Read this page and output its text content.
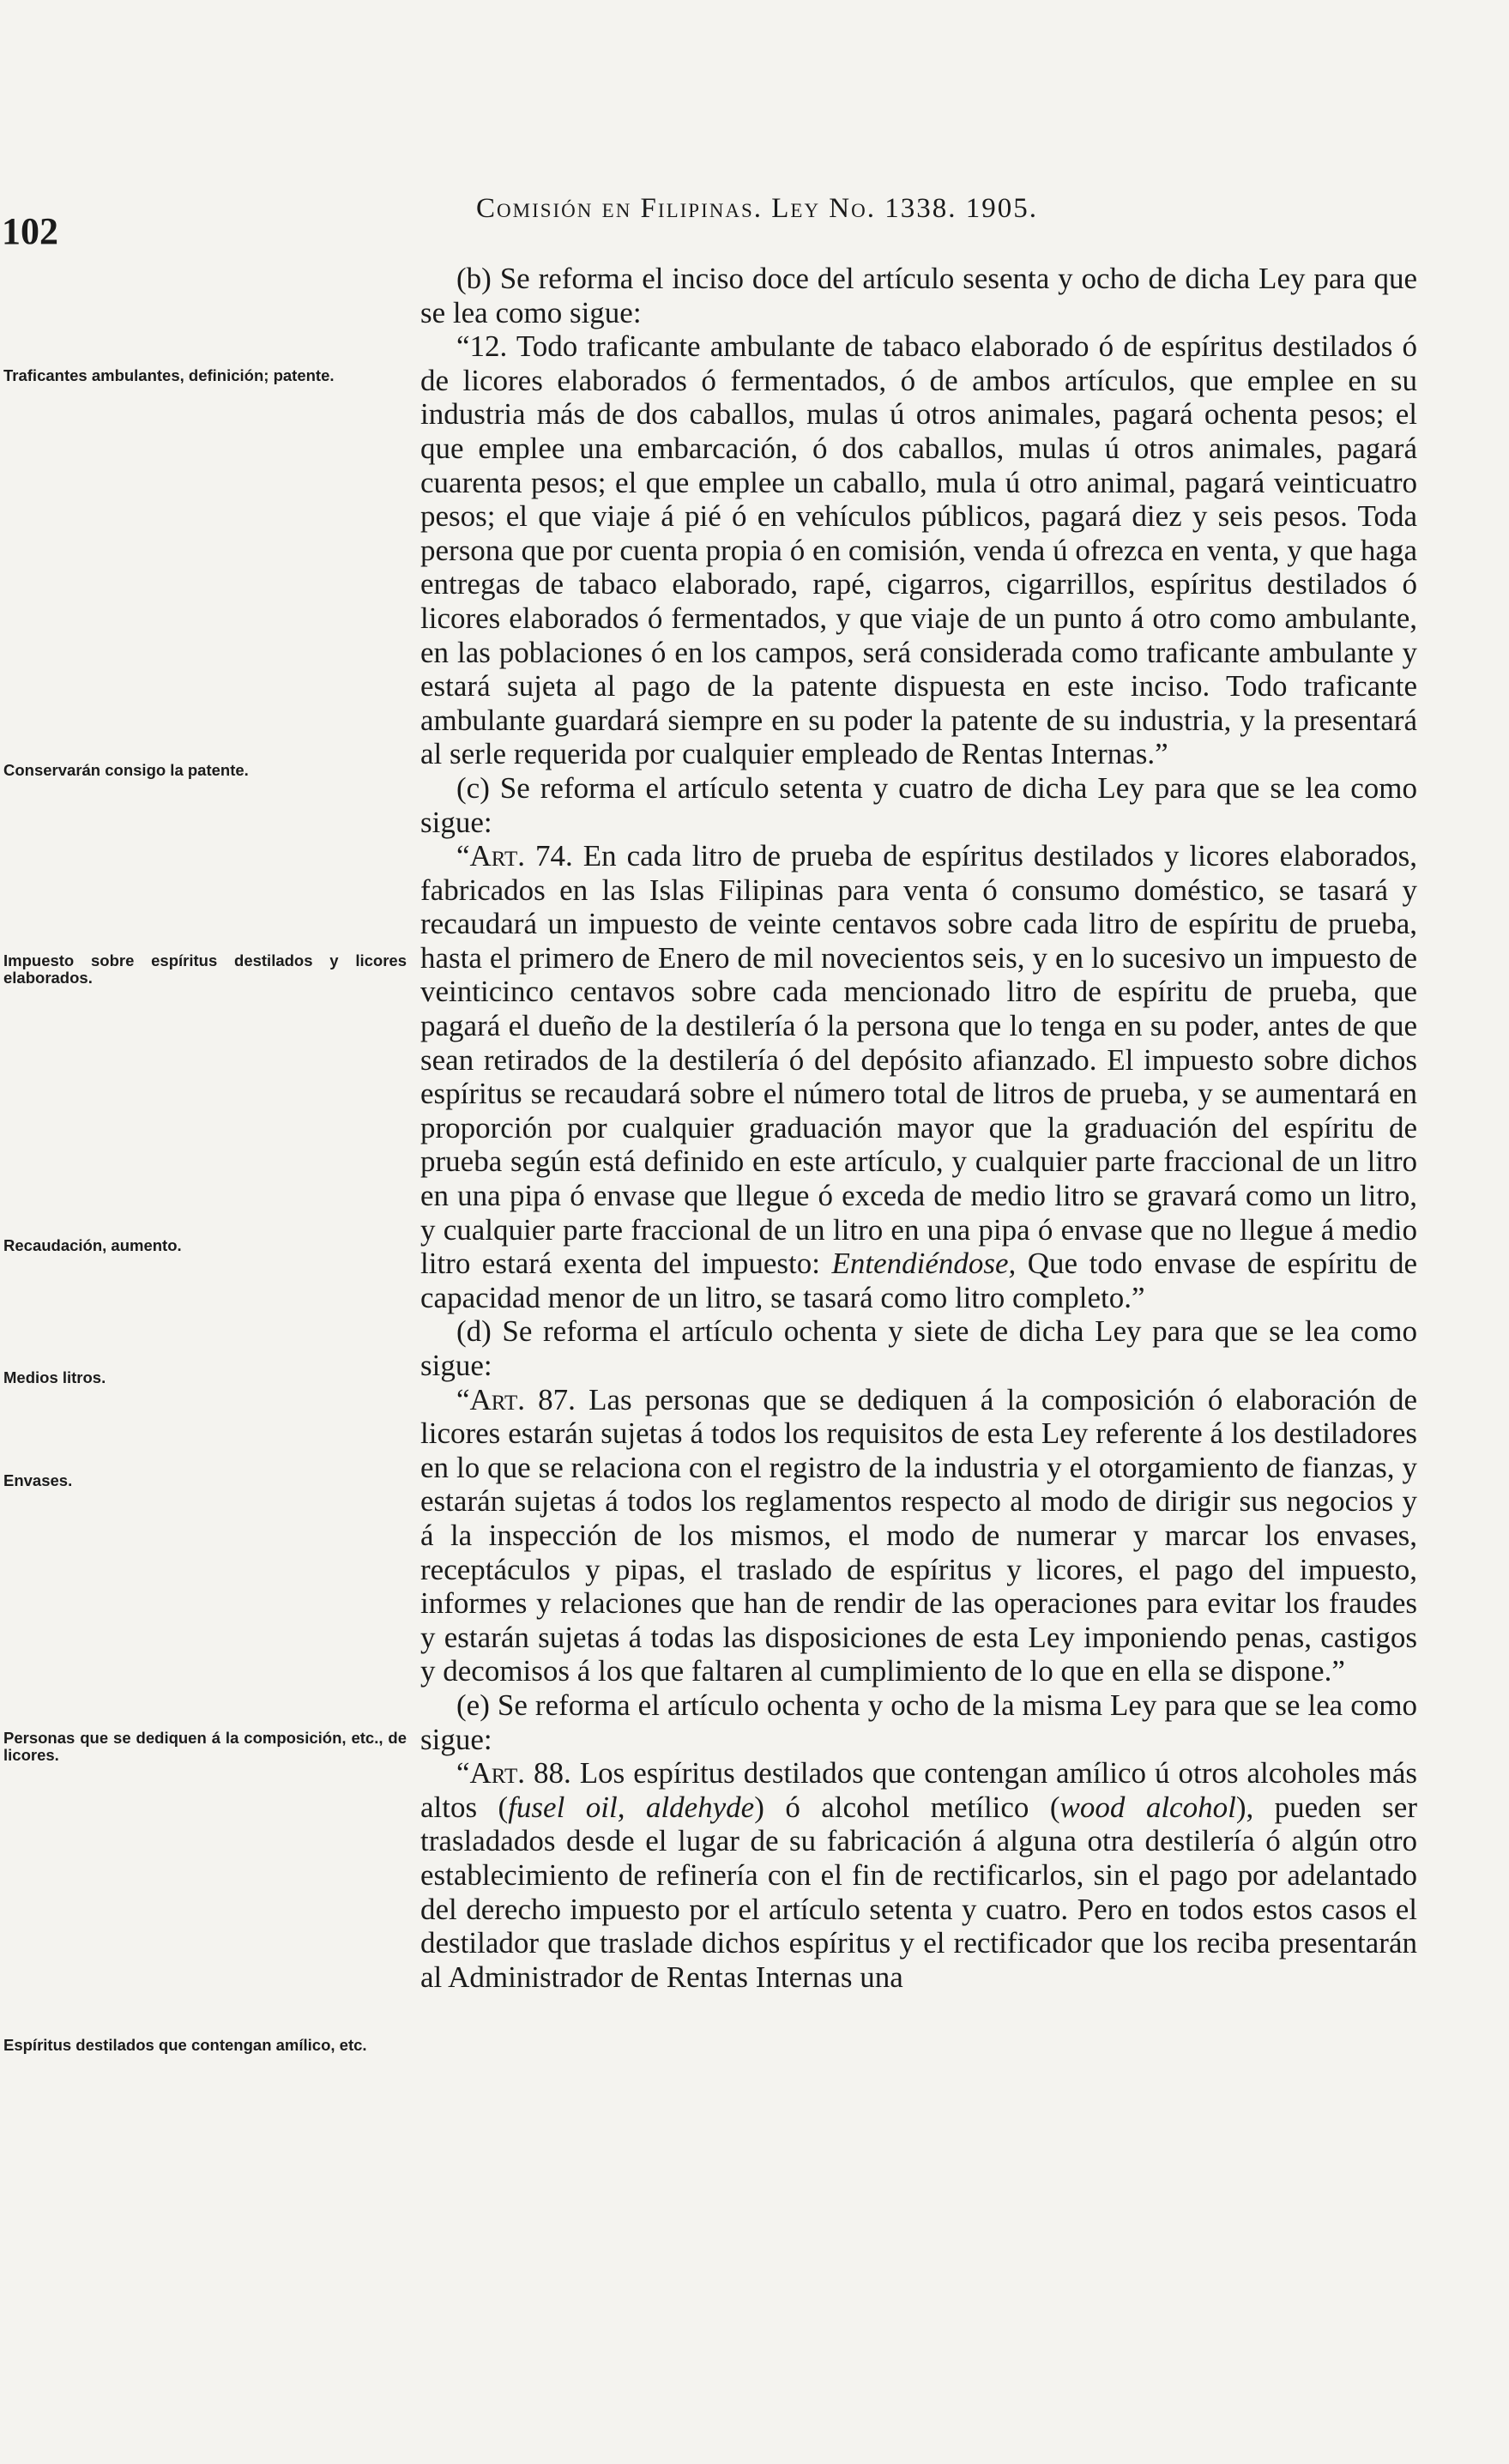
102
Comisión en Filipinas. Ley No. 1338. 1905.
Traficantes ambulantes, definición; patente.
Conservarán consigo la patente.
Impuesto sobre espíritus destilados y licores elaborados.
Recaudación, aumento.
Medios litros.
Envases.
Personas que se dediquen á la composición, etc., de licores.
Espíritus destilados que contengan amílico, etc.

(b) Se reforma el inciso doce del artículo sesenta y ocho de dicha Ley para que se lea como sigue:

“12. Todo traficante ambulante de tabaco elaborado ó de espíritus destilados ó de licores elaborados ó fermentados, ó de ambos artículos, que emplee en su industria más de dos caballos, mulas ú otros animales, pagará ochenta pesos; el que emplee una embarcación, ó dos caballos, mulas ú otros animales, pagará cuarenta pesos; el que emplee un caballo, mula ú otro animal, pagará veinticuatro pesos; el que viaje á pié ó en vehículos públicos, pagará diez y seis pesos. Toda persona que por cuenta propia ó en comisión, venda ú ofrezca en venta, y que haga entregas de tabaco elaborado, rapé, cigarros, cigarrillos, espíritus destilados ó licores elaborados ó fermentados, y que viaje de un punto á otro como ambulante, en las poblaciones ó en los campos, será considerada como traficante ambulante y estará sujeta al pago de la patente dispuesta en este inciso. Todo traficante ambulante guardará siempre en su poder la patente de su industria, y la presentará al serle requerida por cualquier empleado de Rentas Internas.”

(c) Se reforma el artículo setenta y cuatro de dicha Ley para que se lea como sigue:

“Art. 74. En cada litro de prueba de espíritus destilados y licores elaborados, fabricados en las Islas Filipinas para venta ó consumo doméstico, se tasará y recaudará un impuesto de veinte centavos sobre cada litro de espíritu de prueba, hasta el primero de Enero de mil novecientos seis, y en lo sucesivo un impuesto de veinticinco centavos sobre cada mencionado litro de espíritu de prueba, que pagará el dueño de la destilería ó la persona que lo tenga en su poder, antes de que sean retirados de la destilería ó del depósito afianzado. El impuesto sobre dichos espíritus se recaudará sobre el número total de litros de prueba, y se aumentará en proporción por cualquier graduación mayor que la graduación del espíritu de prueba según está definido en este artículo, y cualquier parte fraccional de un litro en una pipa ó envase que llegue ó exceda de medio litro se gravará como un litro, y cualquier parte fraccional de un litro en una pipa ó envase que no llegue á medio litro estará exenta del impuesto: Entendiéndose, Que todo envase de espíritu de capacidad menor de un litro, se tasará como litro completo.”

(d) Se reforma el artículo ochenta y siete de dicha Ley para que se lea como sigue:

“Art. 87. Las personas que se dediquen á la composición ó elaboración de licores estarán sujetas á todos los requisitos de esta Ley referente á los destiladores en lo que se relaciona con el registro de la industria y el otorgamiento de fianzas, y estarán sujetas á todos los reglamentos respecto al modo de dirigir sus negocios y á la inspección de los mismos, el modo de numerar y marcar los envases, receptáculos y pipas, el traslado de espíritus y licores, el pago del impuesto, informes y relaciones que han de rendir de las operaciones para evitar los fraudes y estarán sujetas á todas las disposiciones de esta Ley imponiendo penas, castigos y decomisos á los que faltaren al cumplimiento de lo que en ella se dispone.”

(e) Se reforma el artículo ochenta y ocho de la misma Ley para que se lea como sigue:

“Art. 88. Los espíritus destilados que contengan amílico ú otros alcoholes más altos (fusel oil, aldehyde) ó alcohol metílico (wood alcohol), pueden ser trasladados desde el lugar de su fabricación á alguna otra destilería ó algún otro establecimiento de refinería con el fin de rectificarlos, sin el pago por adelantado del derecho impuesto por el artículo setenta y cuatro. Pero en todos estos casos el destilador que traslade dichos espíritus y el rectificador que los reciba presentarán al Administrador de Rentas Internas una
